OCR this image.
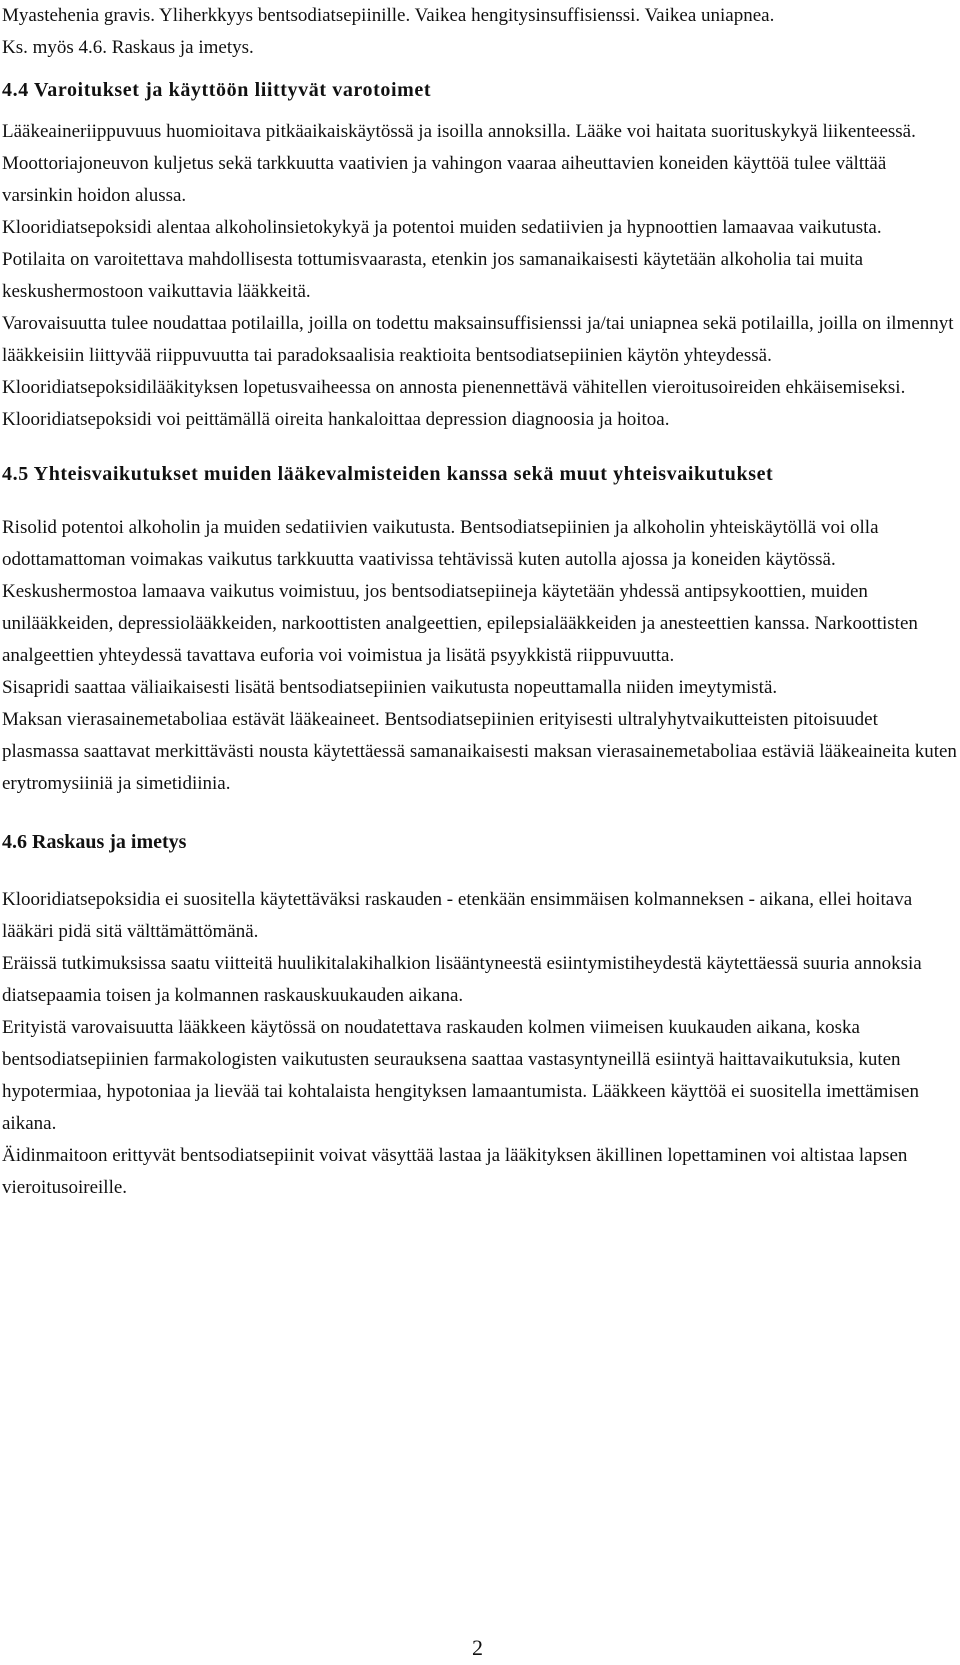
Myastehenia gravis. Yliherkkyys bentsodiatsepiinille. Vaikea hengitysinsuffisienssi. Vaikea uniapnea.

Ks. myös 4.6. Raskaus ja imetys.

4.4 Varoitukset ja käyttöön liittyvät varotoimet

Lääkeaineriippuvuus huomioitava pitkäaikaiskäytössä ja isoilla annoksilla. Lääke voi haitata suorituskykyä liikenteessä. Moottoriajoneuvon kuljetus sekä tarkkuutta vaativien ja vahingon vaaraa aiheuttavien koneiden käyttöä tulee välttää varsinkin hoidon alussa.

Klooridiatsepoksidi alentaa alkoholinsietokykyä ja potentoi muiden sedatiivien ja hypnoottien lamaavaa vaikutusta.

Potilaita on varoitettava mahdollisesta tottumisvaarasta, etenkin jos samanaikaisesti käytetään alkoholia tai muita keskushermostoon vaikuttavia lääkkeitä.

Varovaisuutta tulee noudattaa potilailla, joilla on todettu maksainsuffisienssi ja/tai uniapnea sekä potilailla, joilla on ilmennyt lääkkeisiin liittyvää riippuvuutta tai paradoksaalisia reaktioita bentsodiatsepiinien käytön yhteydessä.

Klooridiatsepoksidilääkityksen lopetusvaiheessa on annosta pienennettävä vähitellen vieroitusoireiden ehkäisemiseksi.

Klooridiatsepoksidi voi peittämällä oireita hankaloittaa depression diagnoosia ja hoitoa.

4.5 Yhteisvaikutukset muiden lääkevalmisteiden kanssa sekä muut yhteisvaikutukset

Risolid potentoi alkoholin ja muiden sedatiivien vaikutusta. Bentsodiatsepiinien ja alkoholin yhteiskäytöllä voi olla odottamattoman voimakas vaikutus tarkkuutta vaativissa tehtävissä kuten autolla ajossa ja koneiden käytössä.

Keskushermostoa lamaava vaikutus voimistuu, jos bentsodiatsepiineja käytetään yhdessä antipsykoottien, muiden unilääkkeiden, depressiolääkkeiden, narkoottisten analgeettien, epilepsialääkkeiden ja anesteettien kanssa. Narkoottisten analgeettien yhteydessä tavattava euforia voi voimistua ja lisätä psyykkistä riippuvuutta.

Sisapridi saattaa väliaikaisesti lisätä bentsodiatsepiinien vaikutusta nopeuttamalla niiden imeytymistä.

Maksan vierasainemetaboliaa estävät lääkeaineet. Bentsodiatsepiinien erityisesti ultralyhytvaikutteisten pitoisuudet plasmassa saattavat merkittävästi nousta käytettäessä samanaikaisesti maksan vierasainemetaboliaa estäviä lääkeaineita kuten erytromysiiniä ja simetidiinia.

4.6 Raskaus ja imetys

Klooridiatsepoksidia ei suositella käytettäväksi raskauden - etenkään ensimmäisen kolmanneksen - aikana, ellei hoitava lääkäri pidä sitä välttämättömänä.

Eräissä tutkimuksissa saatu viitteitä huulikitalakihalkion lisääntyneestä esiintymistiheydestä käytettäessä suuria annoksia diatsepaamia toisen ja kolmannen raskauskuukauden aikana.

Erityistä varovaisuutta lääkkeen käytössä on noudatettava raskauden kolmen viimeisen kuukauden aikana, koska bentsodiatsepiinien farmakologisten vaikutusten seurauksena saattaa vastasyntyneillä esiintyä haittavaikutuksia, kuten hypotermiaa, hypotoniaa ja lievää tai kohtalaista hengityksen lamaantumista. Lääkkeen käyttöä ei suositella imettämisen aikana.

Äidinmaitoon erittyvät bentsodiatsepiinit voivat väsyttää lastaa ja lääkityksen äkillinen lopettaminen voi altistaa lapsen vieroitusoireille.

2
